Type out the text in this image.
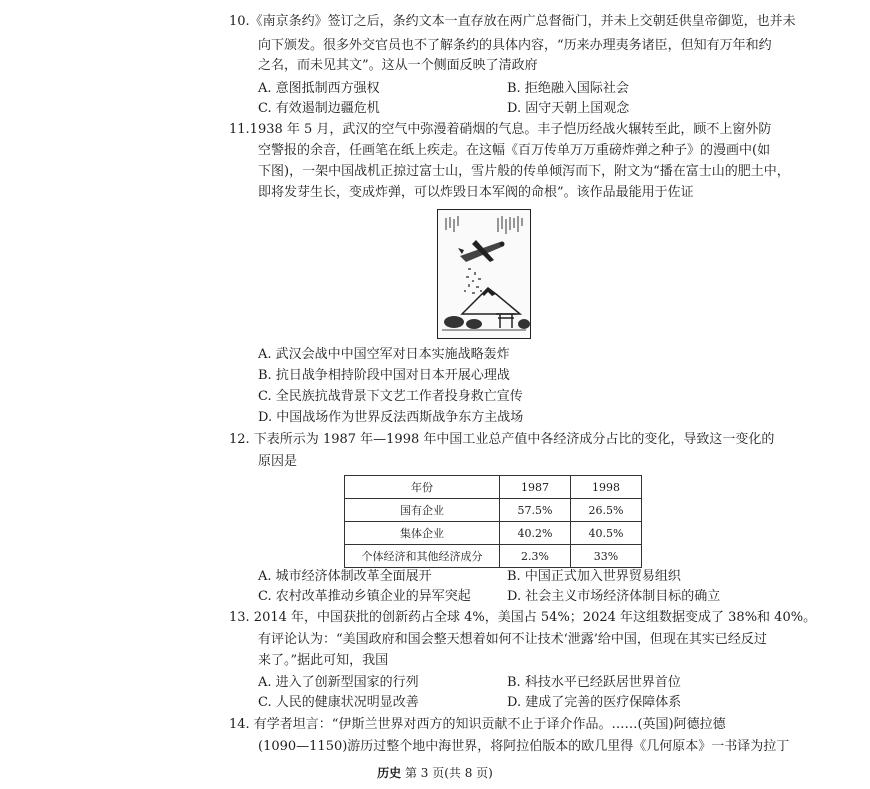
10.《南京条约》签订之后，条约文本一直存放在两广总督衙门，并未上交朝廷供皇帝御览，也并未
向下颁发。很多外交官员也不了解条约的具体内容，“历来办理夷务诸臣，但知有万年和约
之名，而未见其文”。这从一个侧面反映了清政府
A. 意图抵制西方强权	B. 拒绝融入国际社会
C. 有效遏制边疆危机	D. 固守天朝上国观念
11.1938 年 5 月，武汉的空气中弥漫着硝烟的气息。丰子恺历经战火辗转至此，顾不上窗外防
空警报的余音，任画笔在纸上疾走。在这幅《百万传单万万重磅炸弹之种子》的漫画中(如
下图)，一架中国战机正掠过富士山，雪片般的传单倾泻而下，附文为“播在富士山的肥土中，
即将发芽生长，变成炸弹，可以炸毁日本军阀的命根”。该作品最能用于佐证
A. 武汉会战中中国空军对日本实施战略轰炸
B. 抗日战争相持阶段中国对日本开展心理战
C. 全民族抗战背景下文艺工作者投身救亡宣传
D. 中国战场作为世界反法西斯战争东方主战场
12. 下表所示为 1987 年—1998 年中国工业总产值中各经济成分占比的变化，导致这一变化的
原因是
年份	1987	1998
国有企业	57.5%	26.5%
集体企业	40.2%	40.5%
个体经济和其他经济成分	2.3%	33%
A. 城市经济体制改革全面展开	B. 中国正式加入世界贸易组织
C. 农村改革推动乡镇企业的异军突起	D. 社会主义市场经济体制目标的确立
13. 2014 年，中国获批的创新药占全球 4%，美国占 54%；2024 年这组数据变成了 38%和 40%。
有评论认为：“美国政府和国会整天想着如何不让技术‘泄露’给中国，但现在其实已经反过
来了。”据此可知，我国
A. 进入了创新型国家的行列	B. 科技水平已经跃居世界首位
C. 人民的健康状况明显改善	D. 建成了完善的医疗保障体系
14. 有学者坦言：“伊斯兰世界对西方的知识贡献不止于译介作品。……(英国)阿德拉德
(1090—1150)游历过整个地中海世界，将阿拉伯版本的欧几里得《几何原本》一书译为拉丁
历史 第 3 页(共 8 页)
